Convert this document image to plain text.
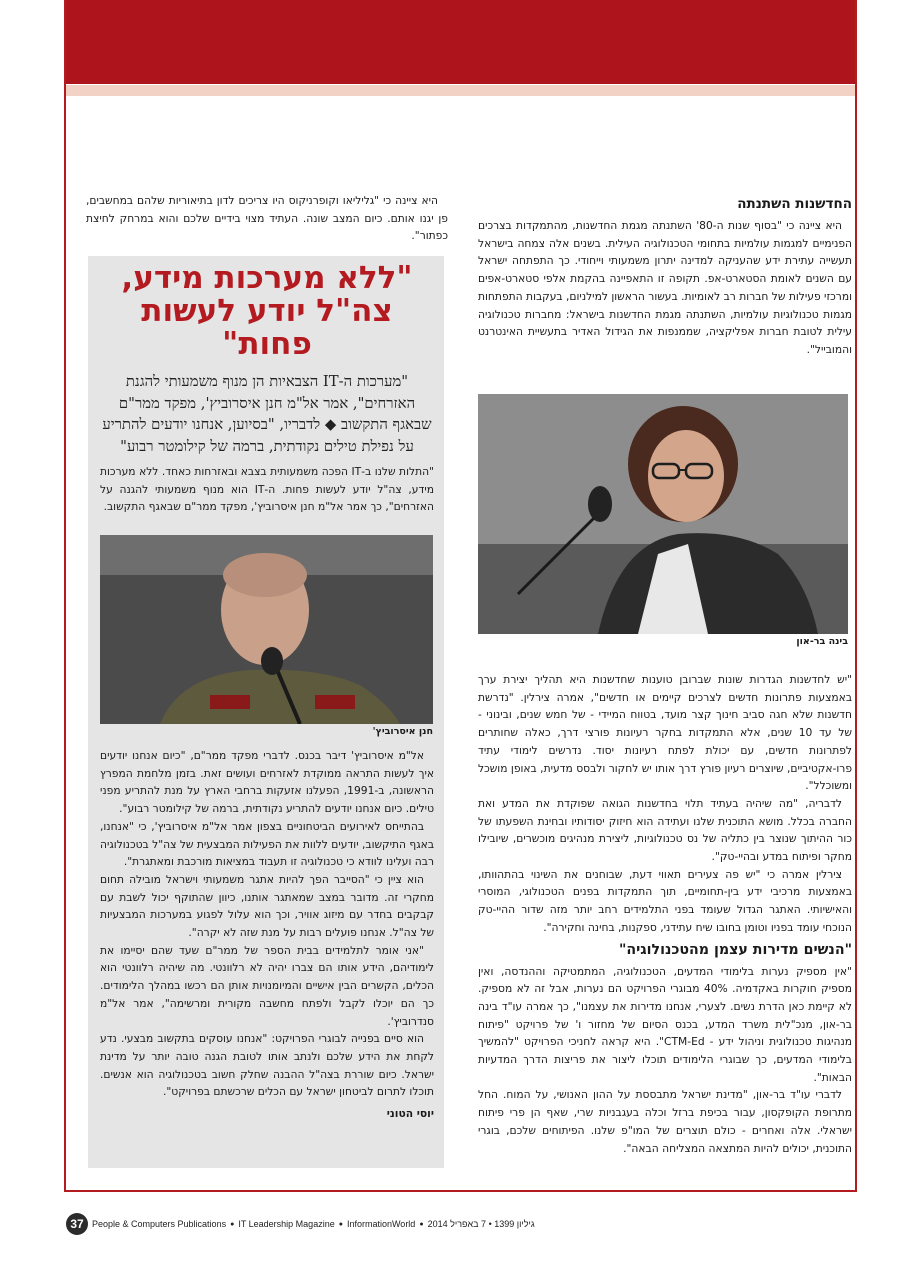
החדשנות השתנתה
היא ציינה כי "בסוף שנות ה-80' השתנתה מגמת החדשנות, מהתמקדות בצרכים הפנימיים למגמות עולמיות בתחומי הטכנולוגיה העילית. בשנים אלה צמחה בישראל תעשייה עתירת ידע שהעניקה למדינה יתרון משמעותי וייחודי. כך התפתחה ישראל עם השנים לאומת הסטארט-אפ. תקופה זו התאפיינה בהקמת אלפי סטארט-אפים ומרכזי פעילות של חברות רב לאומיות. בעשור הראשון למילניום, בעקבות התפתחות מגמות טכנולוגיות עולמיות, השתנתה מגמת החדשנות בישראל: מחברות טכנולוגיה עילית לטובת חברות אפליקציה, שממנפות את הגידול האדיר בתעשיית האינטרנט והמובייל".
בינה בר-און
"יש לחדשנות הגדרות שונות שברובן טוענות שחדשנות היא תהליך יצירת ערך באמצעות פתרונות חדשים לצרכים קיימים או חדשים", אמרה צירלין. "נדרשת חדשנות שלא חגה סביב חינוך קצר מועד, בטווח המיידי - של חמש שנים, ובינוני - של עד 10 שנים, אלא התמקדות בחקר רעיונות פורצי דרך, כאלה שחותרים לפתרונות חדשים, עם יכולת לפתח רעיונות יסוד. נדרשים לימודי עתיד פרו-אקטיביים, שיוצרים רעיון פורץ דרך אותו יש לחקור ולבסס מדעית, באופן מושכל ומשוכלל".
לדבריה, "מה שיהיה בעתיד תלוי בחדשנות הגואה שפוקדת את המדע ואת החברה בכלל. מושא התוכנית שלנו ועתידה הוא חיזוק יסודותיו ובחינת השפעתו של כור ההיתוך שנוצר בין כתליה של נס טכנולוגיות, ליצירת מנהיגים מוכשרים, שיובילו מחקר ופיתוח במדע ובהיי-טק".
צירלין אמרה כי "יש פה צעירים תאווי דעת, שבוחנים את השינוי בהתהוותו, באמצעות מרכיבי ידע בין-תחומיים, תוך התמקדות בפנים הטכנולוגי, המוסרי והאישיותי. האתגר הגדול שעומד בפני התלמידים רחב יותר מזה שדור ההיי-טק הנוכחי עומד בפניו וטומן בחובו שיח עתידני, ספקנות, בחינה וחקירה".
"הנשים מדירות עצמן מהטכנולוגיה"
"אין מספיק נערות בלימודי המדעים, הטכנולוגיה, המתמטיקה וההנדסה, ואין מספיק חוקרות באקדמיה. 40% מבוגרי הפרויקט הם נערות, אבל זה לא מספיק. לא קיימת כאן הדרת נשים. לצערי, אנחנו מדירות את עצמנו", כך אמרה עו"ד בינה בר-און, מנכ"לית משרד המדע, בכנס הסיום של מחזור ו' של פרויקט "פיתוח מנהיגות טכנולוגית וניהול ידע - CTM-Ed". היא קראה לחניכי הפרויקט "להמשיך בלימודי המדעים, כך שבוגרי הלימודים תוכלו ליצור את פריצות הדרך המדעיות הבאות".
לדברי עו"ד בר-און, "מדינת ישראל מתבססת על ההון האנושי, על המוח. החל מתרופת הקופקסון, עבור בכיפת ברזל וכלה בעגבניות שרי, שאף הן פרי פיתוח ישראלי. אלה ואחרים - כולם תוצרים של המו"פ שלנו. הפיתוחים שלכם, בוגרי התוכנית, יכולים להיות המתצאה המצליחה הבאה".
היא ציינה כי "גליליאו וקופרניקוס היו צריכים לדון בתיאוריות שלהם במחשבים, פן יגנו אותם. כיום המצב שונה. העתיד מצוי בידיים שלכם והוא במרחק לחיצת כפתור".
"ללא מערכות מידע, צה"ל יודע לעשות פחות"
"מערכות ה-IT הצבאיות הן מנוף משמעותי להגנת האזרחים", אמר אל"מ חנן איסרוביץ', מפקד ממר"ם שבאגף התקשוב ◆ לדבריו, "בסיוען, אנחנו יודעים להתריע על נפילת טילים נקודתית, ברמה של קילומטר רבוע"
"התלות שלנו ב-IT הפכה משמעותית בצבא ובאזרחות כאחד. ללא מערכות מידע, צה"ל יודע לעשות פחות. ה-IT הוא מנוף משמעותי להגנה על האזרחים", כך אמר אל"מ חנן איסרוביץ', מפקד ממר"ם שבאגף התקשוב.
חנן איסרוביץ'
אל"מ איסרוביץ' דיבר בכנס. לדברי מפקד ממר"ם, "כיום אנחנו יודעים איך לעשות התראה ממוקדת לאזרחים ועושים זאת. בזמן מלחמת המפרץ הראשונה, ב-1991, הפעלנו אזעקות ברחבי הארץ על מנת להתריע מפני טילים. כיום אנחנו יודעים להתריע נקודתית, ברמה של קילומטר רבוע".
בהתייחס לאירועים הביטחוניים בצפון אמר אל"מ איסרוביץ', כי "אנחנו, באגף התיקשוב, יודעים ללוות את הפעילות המבצעית של צה"ל בטכנולוגיה רבה ועלינו לוודא כי טכנולוגיה זו תעבוד במציאות מורכבת ומאתגרת".
הוא ציין כי "הסייבר הפך להיות אתגר משמעותי וישראל מובילה תחום מחקרי זה. מדובר במצב שמאתגר אותנו, כיוון שהתוקף יכול לשבת עם קבקבים בחדר עם מיזוג אוויר, וכך הוא עלול לפגוע במערכות המבצעיות של צה"ל. אנחנו פועלים רבות על מנת שזה לא יקרה".
"אני אומר לתלמידים בבית הספר של ממר"ם שעד שהם יסיימו את לימודיהם, הידע אותו הם צברו יהיה לא רלוונטי. מה שיהיה רלוונטי הוא הכלים, הקשרים הבין אישיים והמיומנויות אותן הם רכשו במהלך הלימודים. כך הם יוכלו לקבל ולפתח מחשבה מקורית ומרשימה", אמר אל"מ סנדרוביץ'.
הוא סיים בפנייה לבוגרי הפרויקט: "אנחנו עוסקים בתקשוב מבצעי. נדע לקחת את הידע שלכם ולנתב אותו לטובת הגנה טובה יותר על מדינת ישראל. כיום שוררת בצה"ל ההבנה שחלק חשוב בטכנולוגיה הוא אנשים. תוכלו לתרום לביטחון ישראל עם הכלים שרכשתם בפרויקט".
יוסי הטוני
37 People & Computers Publications ● IT Leadership Magazine ● InformationWorld ● גיליון 1399 • 7 באפריל 2014
